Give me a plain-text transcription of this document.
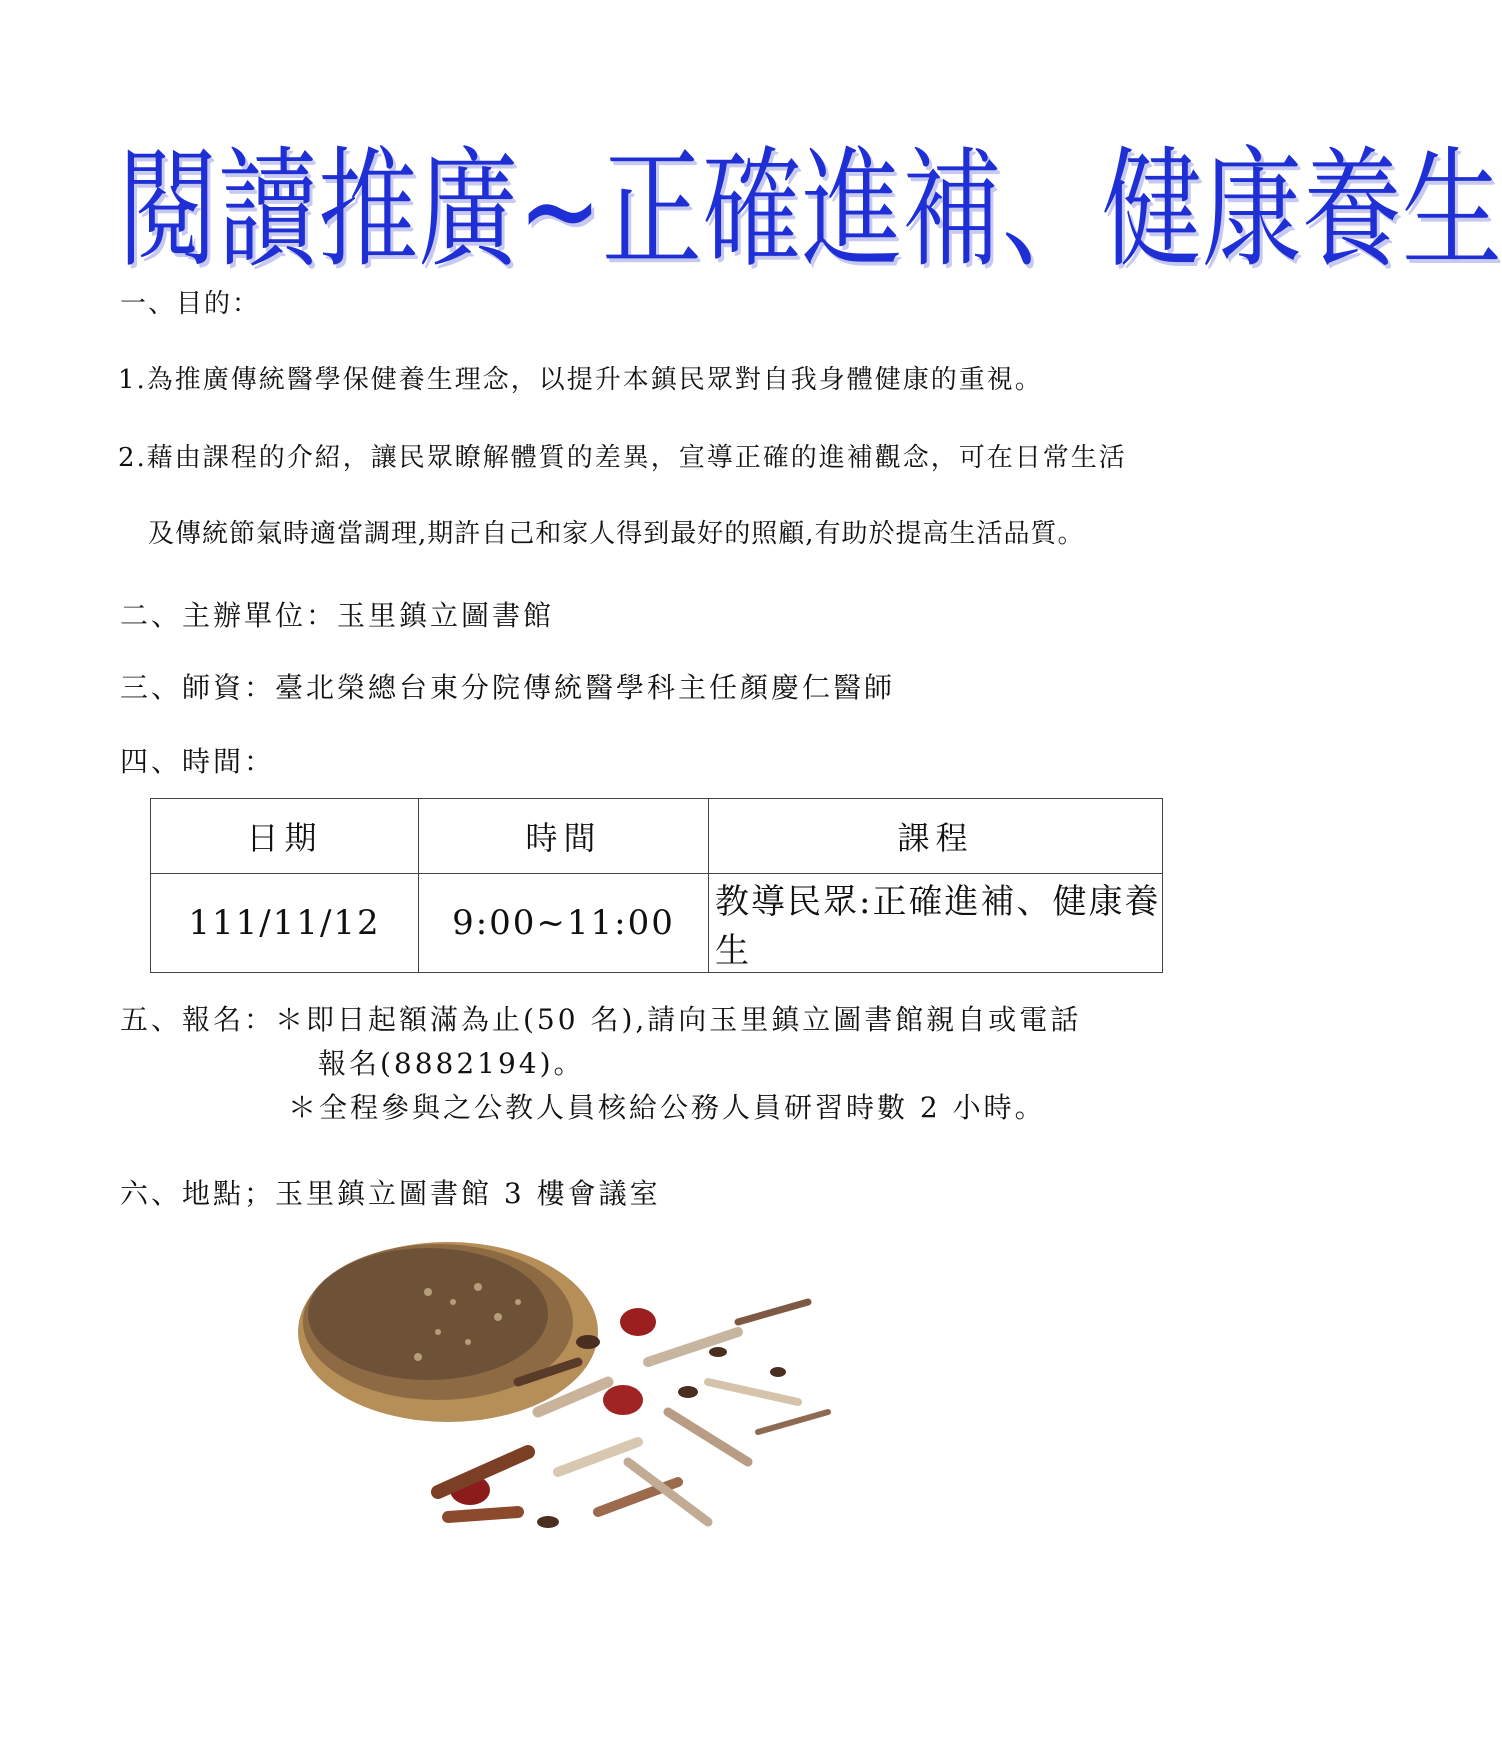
閱讀推廣~正確進補、健康養生
一、目的：
1.為推廣傳統醫學保健養生理念，以提升本鎮民眾對自我身體健康的重視。
2.藉由課程的介紹，讓民眾瞭解體質的差異，宣導正確的進補觀念，可在日常生活
及傳統節氣時適當調理,期許自己和家人得到最好的照顧,有助於提高生活品質。
二、主辦單位：玉里鎮立圖書館
三、師資：臺北榮總台東分院傳統醫學科主任顏慶仁醫師
四、時間：
日期	時間	課程
111/11/12	9:00~11:00	教導民眾:正確進補、健康養生
五、報名：＊即日起額滿為止(50 名),請向玉里鎮立圖書館親自或電話
報名(8882194)。
＊全程參與之公教人員核給公務人員研習時數 2 小時。
六、地點；玉里鎮立圖書館 3 樓會議室
